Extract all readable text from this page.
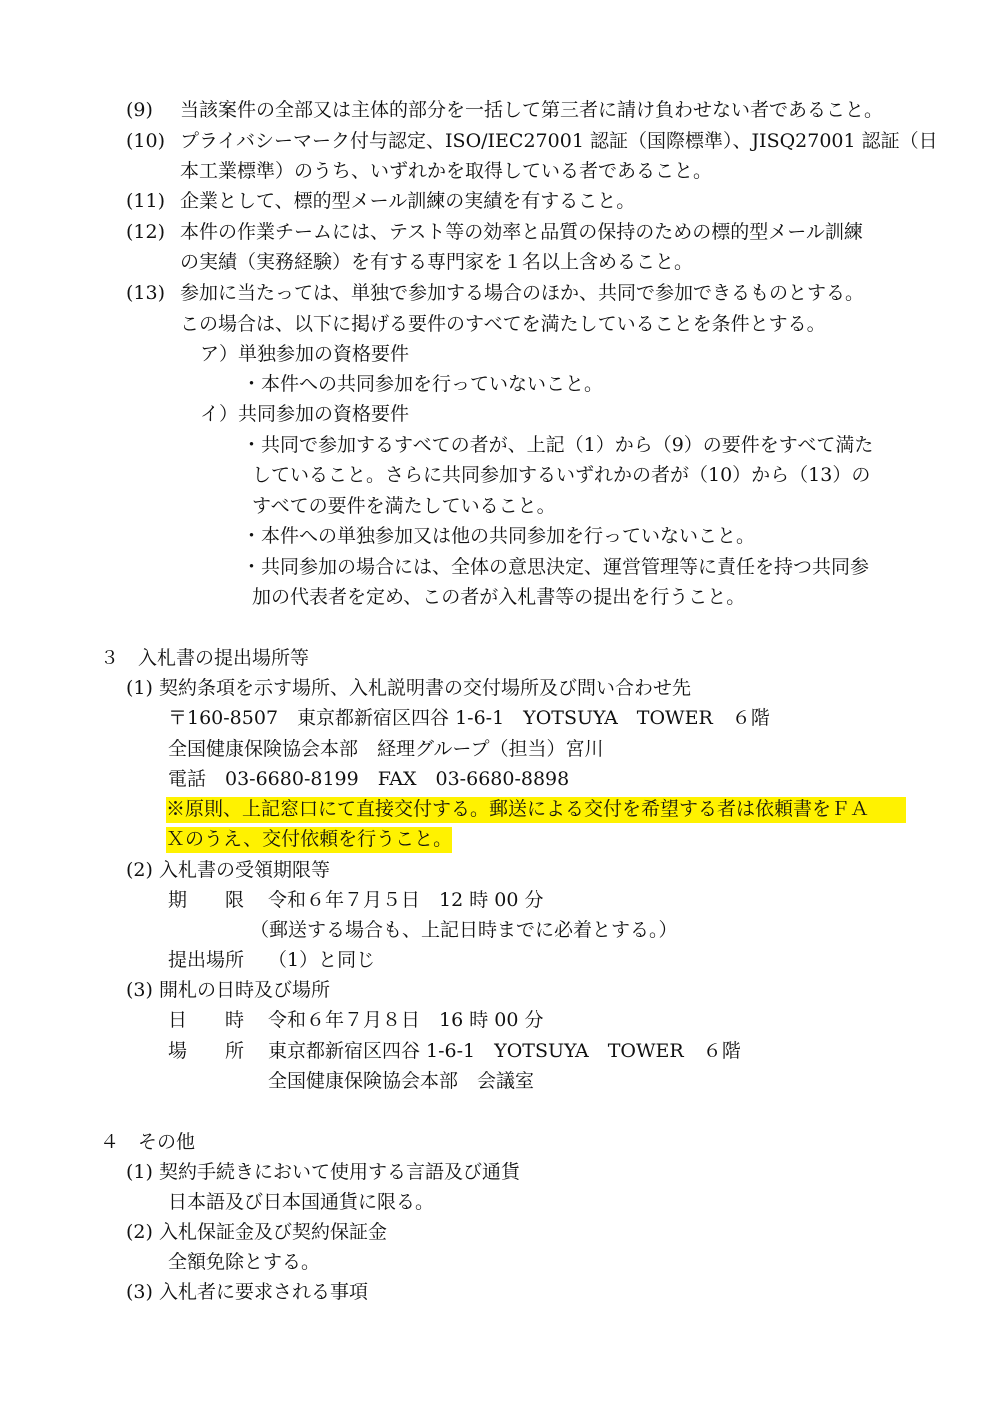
(9) 当該案件の全部又は主体的部分を一括して第三者に請け負わせない者であること。
(10) プライバシーマーク付与認定、ISO/IEC27001 認証（国際標準）、JISQ27001 認証（日
本工業標準）のうち、いずれかを取得している者であること。
(11) 企業として、標的型メール訓練の実績を有すること。
(12) 本件の作業チームには、テスト等の効率と品質の保持のための標的型メール訓練
の実績（実務経験）を有する専門家を１名以上含めること。
(13) 参加に当たっては、単独で参加する場合のほか、共同で参加できるものとする。
この場合は、以下に掲げる要件のすべてを満たしていることを条件とする。
ア）単独参加の資格要件
・本件への共同参加を行っていないこと。
イ）共同参加の資格要件
・共同で参加するすべての者が、上記（1）から（9）の要件をすべて満た
していること。さらに共同参加するいずれかの者が（10）から（13）の
すべての要件を満たしていること。
・本件への単独参加又は他の共同参加を行っていないこと。
・共同参加の場合には、全体の意思決定、運営管理等に責任を持つ共同参
加の代表者を定め、この者が入札書等の提出を行うこと。
３　入札書の提出場所等
(1) 契約条項を示す場所、入札説明書の交付場所及び問い合わせ先
〒160-8507　東京都新宿区四谷 1-6-1　YOTSUYA　TOWER　６階
全国健康保険協会本部　経理グループ（担当）宮川
電話　03-6680-8199　FAX　03-6680-8898
※原則、上記窓口にて直接交付する。郵送による交付を希望する者は依頼書をＦＡ
Ｘのうえ、交付依頼を行うこと。
(2) 入札書の受領期限等
期　　限 令和６年７月５日　12 時 00 分
（郵送する場合も、上記日時までに必着とする。）
提出場所 （1）と同じ
(3) 開札の日時及び場所
日　　時 令和６年７月８日　16 時 00 分
場　　所 東京都新宿区四谷 1-6-1　YOTSUYA　TOWER　６階
全国健康保険協会本部　会議室
４　その他
(1) 契約手続きにおいて使用する言語及び通貨
日本語及び日本国通貨に限る。
(2) 入札保証金及び契約保証金
全額免除とする。
(3) 入札者に要求される事項
